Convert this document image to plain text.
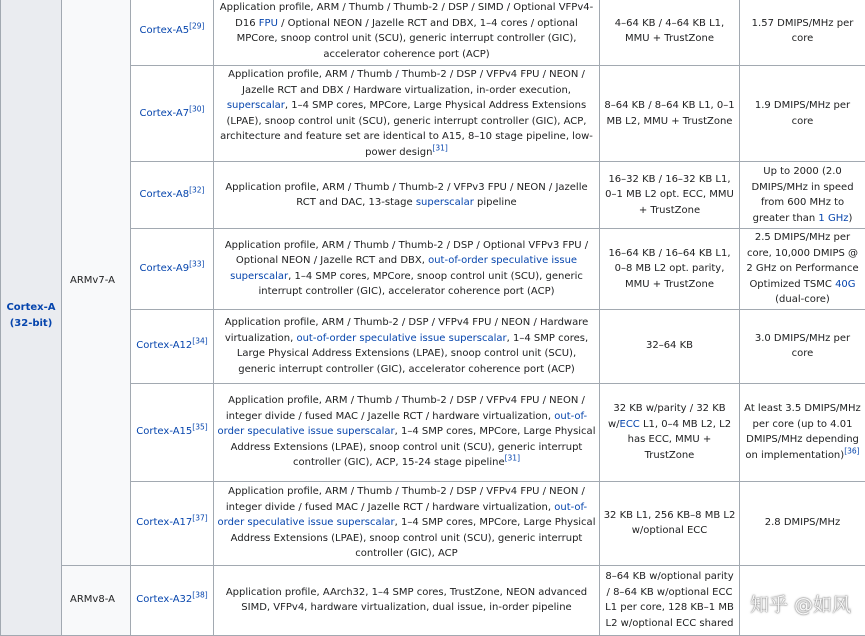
Cortex-A
(32-bit)	ARMv7-A	Cortex-A5[29]	Application profile, ARM / Thumb / Thumb-2 / DSP / SIMD / Optional VFPv4-D16 FPU / Optional NEON / Jazelle RCT and DBX, 1–4 cores / optional MPCore, snoop control unit (SCU), generic interrupt controller (GIC), accelerator coherence port (ACP)	4–64 KB / 4–64 KB L1, MMU + TrustZone	1.57 DMIPS/MHz per core
		Cortex-A7[30]	Application profile, ARM / Thumb / Thumb-2 / DSP / VFPv4 FPU / NEON / Jazelle RCT and DBX / Hardware virtualization, in-order execution, superscalar, 1–4 SMP cores, MPCore, Large Physical Address Extensions (LPAE), snoop control unit (SCU), generic interrupt controller (GIC), ACP, architecture and feature set are identical to A15, 8–10 stage pipeline, low-power design[31]	8–64 KB / 8–64 KB L1, 0–1 MB L2, MMU + TrustZone	1.9 DMIPS/MHz per core
		Cortex-A8[32]	Application profile, ARM / Thumb / Thumb-2 / VFPv3 FPU / NEON / Jazelle RCT and DAC, 13-stage superscalar pipeline	16–32 KB / 16–32 KB L1, 0–1 MB L2 opt. ECC, MMU + TrustZone	Up to 2000 (2.0 DMIPS/MHz in speed from 600 MHz to greater than 1 GHz)
		Cortex-A9[33]	Application profile, ARM / Thumb / Thumb-2 / DSP / Optional VFPv3 FPU / Optional NEON / Jazelle RCT and DBX, out-of-order speculative issue superscalar, 1–4 SMP cores, MPCore, snoop control unit (SCU), generic interrupt controller (GIC), accelerator coherence port (ACP)	16–64 KB / 16–64 KB L1, 0–8 MB L2 opt. parity, MMU + TrustZone	2.5 DMIPS/MHz per core, 10,000 DMIPS @ 2 GHz on Performance Optimized TSMC 40G (dual-core)
		Cortex-A12[34]	Application profile, ARM / Thumb-2 / DSP / VFPv4 FPU / NEON / Hardware virtualization, out-of-order speculative issue superscalar, 1–4 SMP cores, Large Physical Address Extensions (LPAE), snoop control unit (SCU), generic interrupt controller (GIC), accelerator coherence port (ACP)	32–64 KB	3.0 DMIPS/MHz per core
		Cortex-A15[35]	Application profile, ARM / Thumb / Thumb-2 / DSP / VFPv4 FPU / NEON / integer divide / fused MAC / Jazelle RCT / hardware virtualization, out-of-order speculative issue superscalar, 1–4 SMP cores, MPCore, Large Physical Address Extensions (LPAE), snoop control unit (SCU), generic interrupt controller (GIC), ACP, 15-24 stage pipeline[31]	32 KB w/parity / 32 KB w/ECC L1, 0–4 MB L2, L2 has ECC, MMU + TrustZone	At least 3.5 DMIPS/MHz per core (up to 4.01 DMIPS/MHz depending on implementation)[36]
		Cortex-A17[37]	Application profile, ARM / Thumb / Thumb-2 / DSP / VFPv4 FPU / NEON / integer divide / fused MAC / Jazelle RCT / hardware virtualization, out-of-order speculative issue superscalar, 1–4 SMP cores, MPCore, Large Physical Address Extensions (LPAE), snoop control unit (SCU), generic interrupt controller (GIC), ACP	32 KB L1, 256 KB–8 MB L2 w/optional ECC	2.8 DMIPS/MHz
	ARMv8-A	Cortex-A32[38]	Application profile, AArch32, 1–4 SMP cores, TrustZone, NEON advanced SIMD, VFPv4, hardware virtualization, dual issue, in-order pipeline	8–64 KB w/optional parity / 8–64 KB w/optional ECC L1 per core, 128 KB–1 MB L2 w/optional ECC shared	
知乎 @如风
